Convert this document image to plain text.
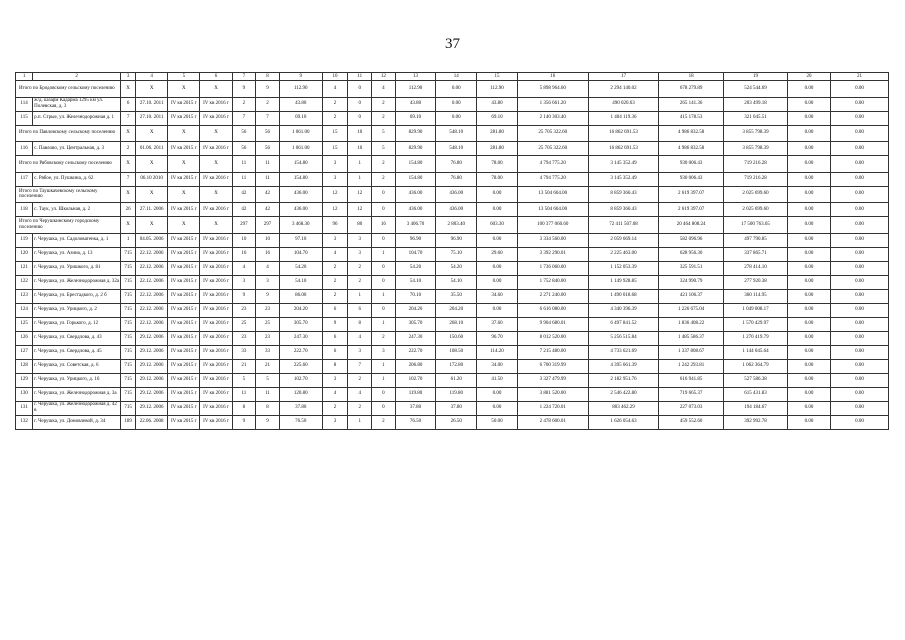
37
1	2	3	4	5	6	7	8	9	10	11	12	13	14	15	16	17	18	19	20	21
Итого по Бродовскому сельскому поселению		X	X	X	X	9	9	112.90	4	0	4	112.90	0.00	112.90	5 898 964.60	2 294 140.02	678 279.89	524 544.69	0.00	0.00
114	ж/д. казарм Кадарма 1295 км ул. Полевская, д. 3	6	27.10. 2011	IV кв 2015 г	IV кв 2016 г	2	2	43.80	2	0	2	43.80	0.00	43.80	1 356 661.20	490 020.63	265 141.36	203 499.18	0.00	0.00
115	р.п. Стрые, ул. Железнодорожная д. 1	7	27.10. 2011	IV кв 2015 г	IV кв 2016 г	7	7	69.10	2	0	2	69.10	0.00	69.10	2 140 303.40	1 404 119.36	415 178.53	321 045.51	0.00	0.00
Итого по Павловскому сельскому поселению		X	X	X	X	56	56	1 061.00	15	10	5	829.90	548.10	281.80	25 705 322.60	16 862 691.53	4 986 832.58	3 855 798.39	0.00	0.00
116	с. Павлово, ул. Центральная, д. 3	2	01.06. 2011	IV кв 2015 г	IV кв 2016 г	56	56	1 061.00	15	10	5	829.90	548.10	281.80	25 705 322.60	16 862 691.53	4 986 832.58	3 855 798.39	0.00	0.00
Итого по Рябовскому сельскому поселению		X	X	X	X	11	11	154.80	3	1	2	154.80	76.80	78.00	4 794 775.20	3 145 352.49	930 006.43	719 216.28	0.00	0.00
117	с. Рябое, ул. Пушкина, д. 62	7	06.10 2010	IV кв 2015 г	IV кв 2016 г	11	11	154.80	3	1	2	154.80	76.80	78.00	4 794 775.20	3 145 352.49	930 006.43	719 216.28	0.00	0.00
Итого по Таушкачевскому сельскому поселению		X	X	X	X	42	42	436.00	12	12	0	436.00	436.00	0.00	13 504 664.00	8 859 366.43	2 619 397.07	2 025 699.60	0.00	0.00
118	с. Таук, ул. Школьная, д. 2	26	27.11. 2006	IV кв 2015 г	IV кв 2016 г	42	42	436.00	12	12	0	436.00	436.00	0.00	13 504 664.00	8 859 366.43	2 619 397.07	2 025 699.60	0.00	0.00
Итого по Черушкинскому городскому поселению		X	X	X	X	297	297	3 468.30	96	80	16	3 406.70	2 803.40	603.30	100 377 060.60	72 411 507.08	20 464 808.24	17 500 763.65	0.00	0.00
119	г. Черушка, ул. Садоловатенка, д. 1	1	04.05. 2006	IV кв 2015 г	IV кв 2016 г	10	10	97.10	3	3	0	96.90	96.90	0.00	3 334 560.00	2 059 669.14	582 096.96	497 790.85	0.00	0.00
120	г. Черушка, ул. Азина, д. 13	715	22.12. 2006	IV кв 2015 г	IV кв 2016 г	16	16	104.70	4	3	1	104.70	75.10	29.60	3 392 290.01	2 225 463.00	628 956.30	337 865.71	0.00	0.00
121	г. Черушка, ул. Уришкого, д. 81	715	22.12. 2006	IV кв 2015 г	IV кв 2016 г	4	4	54.20	2	2	0	54.20	54.20	0.00	1 736 060.00	1 152 053.39	325 591.51	278 414.10	0.00	0.00
122	г. Черушка, ул. Железнодорожная д. 32а	715	22.12. 2006	IV кв 2015 г	IV кв 2016 г	3	3	54.10	2	2	0	54.10	54.10	0.00	1 752 840.00	1 149 928.85	324 990.79	277 920.38	0.00	0.00
123	г. Черушка, ул. Брестадкого, д. 2 б	715	22.12. 2006	IV кв 2015 г	IV кв 2016 г	9	9	86.00	2	1	1	70.10	35.50	34.60	2 271 240.00	1 490 018.68	421 106.37	360 114.95	0.00	0.00
124	г. Черушка, ул. Урицкого, д. 2	715	22.12. 2006	IV кв 2015 г	IV кв 2016 г	23	23	204.20	6	6	0	204.20	204.20	0.00	6 616 080.00	4 340 396.39	1 226 675.04	1 049 008.17	0.00	0.00
125	г. Черушка, ул. Горького, д. 12	715	22.12. 2006	IV кв 2015 г	IV кв 2016 г	25	25	305.70	9	8	1	305.70	268.10	37.60	9 904 680.01	6 497 841.52	1 836 408.22	1 570 429.97	0.00	0.00
126	г. Черушка, ул. Свердлова, д. 43	715	29.12. 2006	IV кв 2015 г	IV кв 2016 г	23	23	247.30	6	4	2	247.30	150.60	96.70	8 012 520.00	5 256 515.84	1 485 586.37	1 270 419.79	0.00	0.00
127	г. Черушка, ул. Свердлова, д. 45	715	29.12. 2006	IV кв 2015 г	IV кв 2016 г	33	33	222.70	6	3	3	222.70	108.50	114.20	7 215 480.00	4 733 621.69	1 337 808.67	1 144 045.64	0.00	0.00
128	г. Черушка, ул. Советская, д. 6	715	29.12. 2006	IV кв 2015 г	IV кв 2016 г	21	21	225.60	8	7	1	206.80	172.80	34.00	6 700 319.99	4 395 661.39	1 242 293.81	1 062 364.79	0.00	0.00
129	г. Черушка, ул. Урицкого, д. 16	715	29.12. 2006	IV кв 2015 г	IV кв 2016 г	5	5	102.70	3	2	1	102.70	61.20	41.50	3 327 479.99	2 182 951.76	616 941.85	527 586.38	0.00	0.00
130	г. Черушка, ул. Железнодорожная д. 3а	715	29.12. 2006	IV кв 2015 г	IV кв 2016 г	11	11	120.80	4	4	0	119.80	119.80	0.00	3 881 520.00	2 546 422.80	719 665.37	615 431.83	0.00	0.00
131	г. Черушка, ул. Железнодорожная д. 42 в	715	29.12. 2006	IV кв 2015 г	IV кв 2016 г	8	8	37.80	2	2	0	37.80	37.80	0.00	1 224 720.01	803 462.29	227 073.03	194 184.67	0.00	0.00
132	г. Черушка, ул. Домовлевой, д. 34	189	22.06. 2008	IV кв 2015 г	IV кв 2016 г	9	9	76.50	3	1	2	76.50	26.50	50.00	2 478 600.01	1 626 054.63	459 552.60	392 992.78	0.00	0.00
